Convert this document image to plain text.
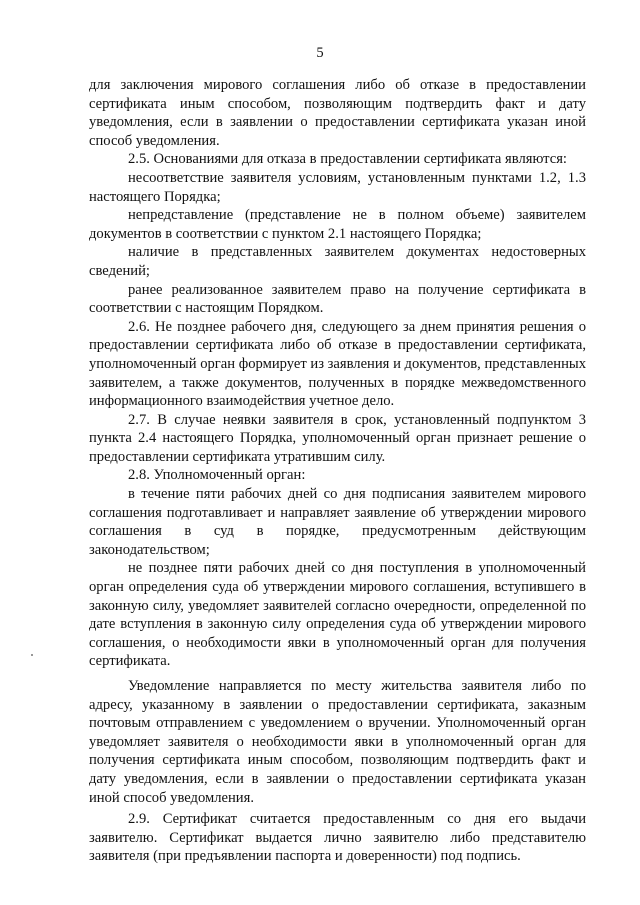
5

для заключения мирового соглашения либо об отказе в предоставлении сертификата иным способом, позволяющим подтвердить факт и дату уведомления, если в заявлении о предоставлении сертификата указан иной способ уведомления.

2.5. Основаниями для отказа в предоставлении сертификата являются:

несоответствие заявителя условиям, установленным пунктами 1.2, 1.3 настоящего Порядка;

непредставление (представление не в полном объеме) заявителем документов в соответствии с пунктом 2.1 настоящего Порядка;

наличие в представленных заявителем документах недостоверных сведений;

ранее реализованное заявителем право на получение сертификата в соответствии с настоящим Порядком.

2.6. Не позднее рабочего дня, следующего за днем принятия решения о предоставлении сертификата либо об отказе в предоставлении сертификата, уполномоченный орган формирует из заявления и документов, представленных заявителем, а также документов, полученных в порядке межведомственного информационного взаимодействия учетное дело.

2.7. В случае неявки заявителя в срок, установленный подпунктом 3 пункта 2.4 настоящего Порядка, уполномоченный орган признает решение о предоставлении сертификата утратившим силу.

2.8. Уполномоченный орган:

в течение пяти рабочих дней со дня подписания заявителем мирового соглашения подготавливает и направляет заявление об утверждении мирового соглашения в суд в порядке, предусмотренным действующим законодательством;

не позднее пяти рабочих дней со дня поступления в уполномоченный орган определения суда об утверждении мирового соглашения, вступившего в законную силу, уведомляет заявителей согласно очередности, определенной по дате вступления в законную силу определения суда об утверждении мирового соглашения, о необходимости явки в уполномоченный орган для получения сертификата.

Уведомление направляется по месту жительства заявителя либо по адресу, указанному в заявлении о предоставлении сертификата, заказным почтовым отправлением с уведомлением о вручении. Уполномоченный орган уведомляет заявителя о необходимости явки в уполномоченный орган для получения сертификата иным способом, позволяющим подтвердить факт и дату уведомления, если в заявлении о предоставлении сертификата указан иной способ уведомления.

2.9. Сертификат считается предоставленным со дня его выдачи заявителю. Сертификат выдается лично заявителю либо представителю заявителя (при предъявлении паспорта и доверенности) под подпись.
